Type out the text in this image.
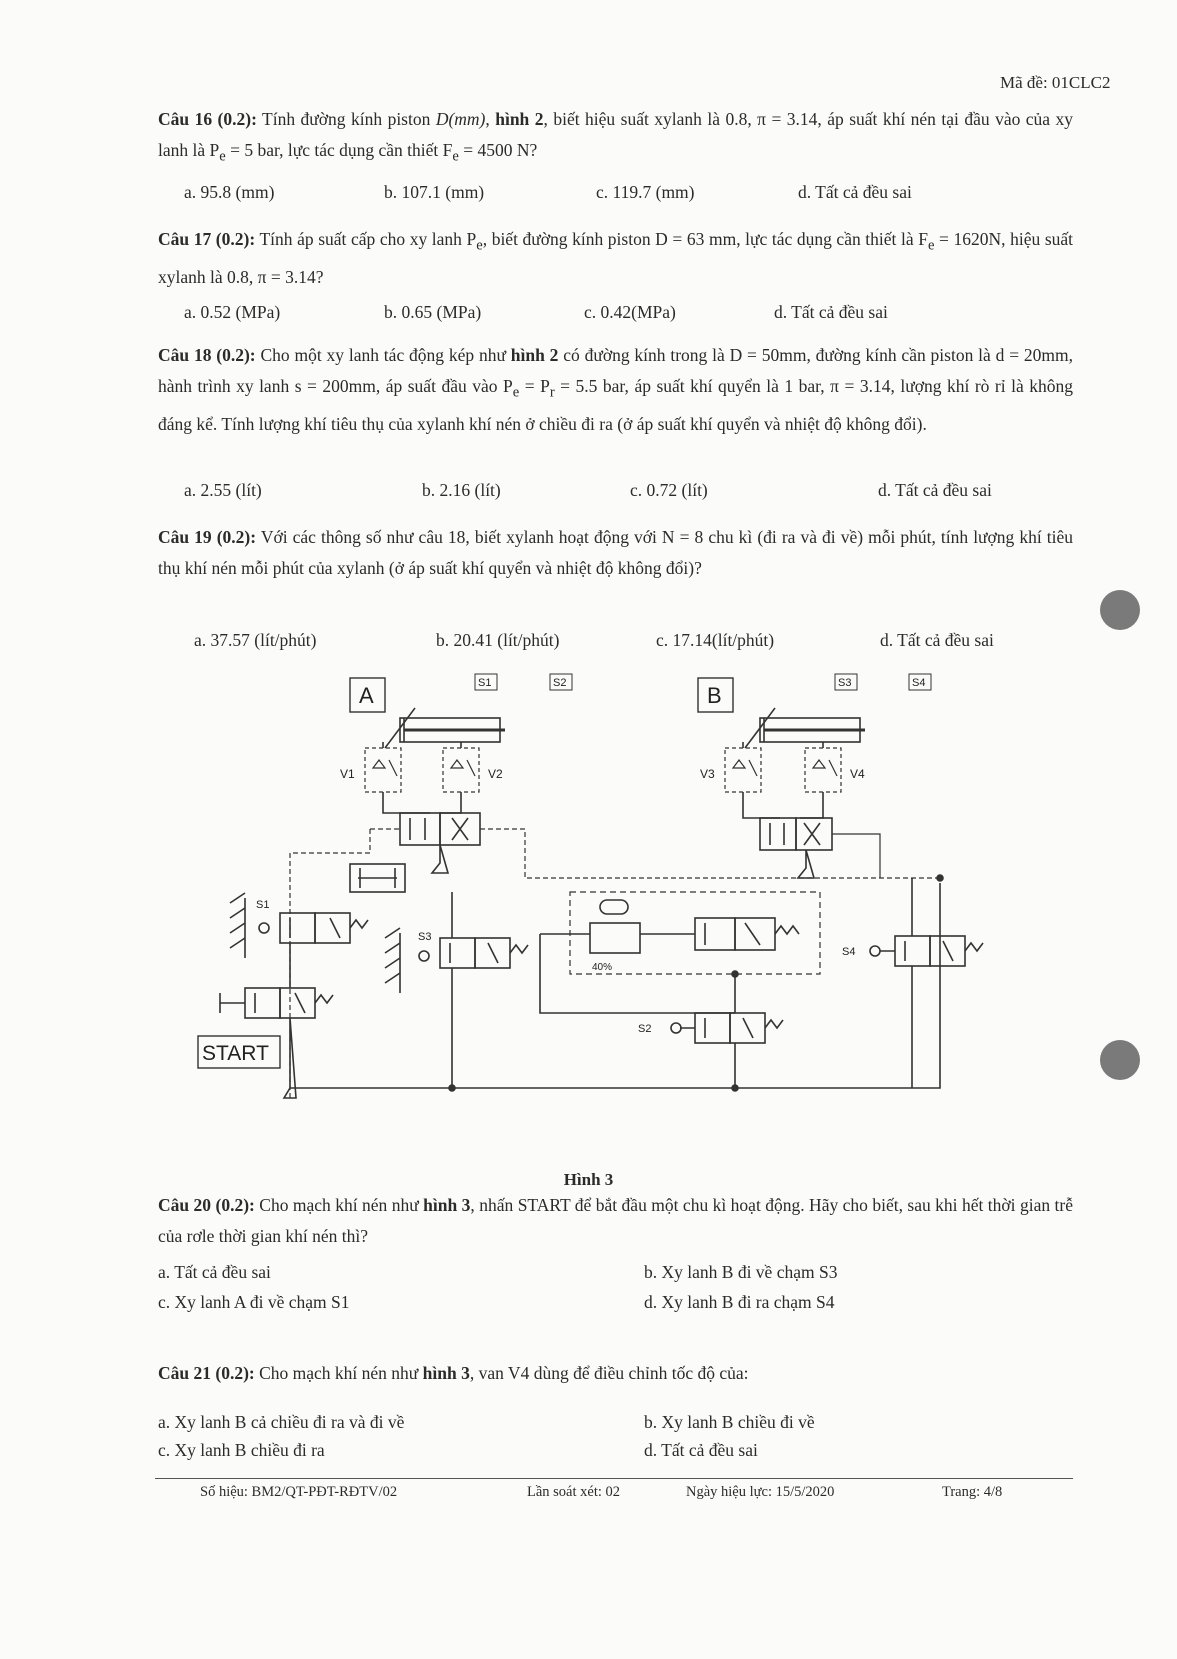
Mã đề: 01CLC2
Câu 16 (0.2): Tính đường kính piston D(mm), hình 2, biết hiệu suất xylanh là 0.8, π = 3.14, áp suất khí nén tại đầu vào của xy lanh là $P_e = 5$ bar, lực tác dụng cần thiết $F_e = 4500$ N?
a. 95.8 (mm)	b. 107.1 (mm)	c. 119.7 (mm)	d. Tất cả đều sai
Câu 17 (0.2): Tính áp suất cấp cho xy lanh $P_e$, biết đường kính piston D = 63 mm, lực tác dụng cần thiết là $F_e = 1620N$, hiệu suất xylanh là 0.8, π = 3.14?
a. 0.52 (MPa)	b. 0.65 (MPa)	c. 0.42(MPa)	d. Tất cả đều sai
Câu 18 (0.2): Cho một xy lanh tác động kép như hình 2 có đường kính trong là D = 50mm, đường kính cần piston là d = 20mm, hành trình xy lanh s = 200mm, áp suất đầu vào $P_e = P_r = 5.5$ bar, áp suất khí quyển là 1 bar, π = 3.14, lượng khí rò rỉ là không đáng kể. Tính lượng khí tiêu thụ của xylanh khí nén ở chiều đi ra (ở áp suất khí quyển và nhiệt độ không đổi).
a. 2.55 (lít)	b. 2.16 (lít)	c. 0.72 (lít)	d. Tất cả đều sai
Câu 19 (0.2): Với các thông số như câu 18, biết xylanh hoạt động với N = 8 chu kì (đi ra và đi về) mỗi phút, tính lượng khí tiêu thụ khí nén mỗi phút của xylanh (ở áp suất khí quyển và nhiệt độ không đổi)?
a. 37.57 (lít/phút)	b. 20.41 (lít/phút)	c. 17.14(lít/phút)	d. Tất cả đều sai
A	B
S1	S2	S3	S4
V1	V2	V3	V4
S1
START
S3
40%
S4
S2
Hình 3
Câu 20 (0.2): Cho mạch khí nén như hình 3, nhấn START để bắt đầu một chu kì hoạt động. Hãy cho biết, sau khi hết thời gian trễ của rơle thời gian khí nén thì?
a. Tất cả đều sai	b. Xy lanh B đi về chạm S3
c. Xy lanh A đi về chạm S1	d. Xy lanh B đi ra chạm S4
Câu 21 (0.2): Cho mạch khí nén như hình 3, van V4 dùng để điều chỉnh tốc độ của:
a. Xy lanh B cả chiều đi ra và đi về	b. Xy lanh B chiều đi về
c. Xy lanh B chiều đi ra	d. Tất cả đều sai
Số hiệu: BM2/QT-PĐT-RĐTV/02	Lần soát xét: 02	Ngày hiệu lực: 15/5/2020	Trang: 4/8
